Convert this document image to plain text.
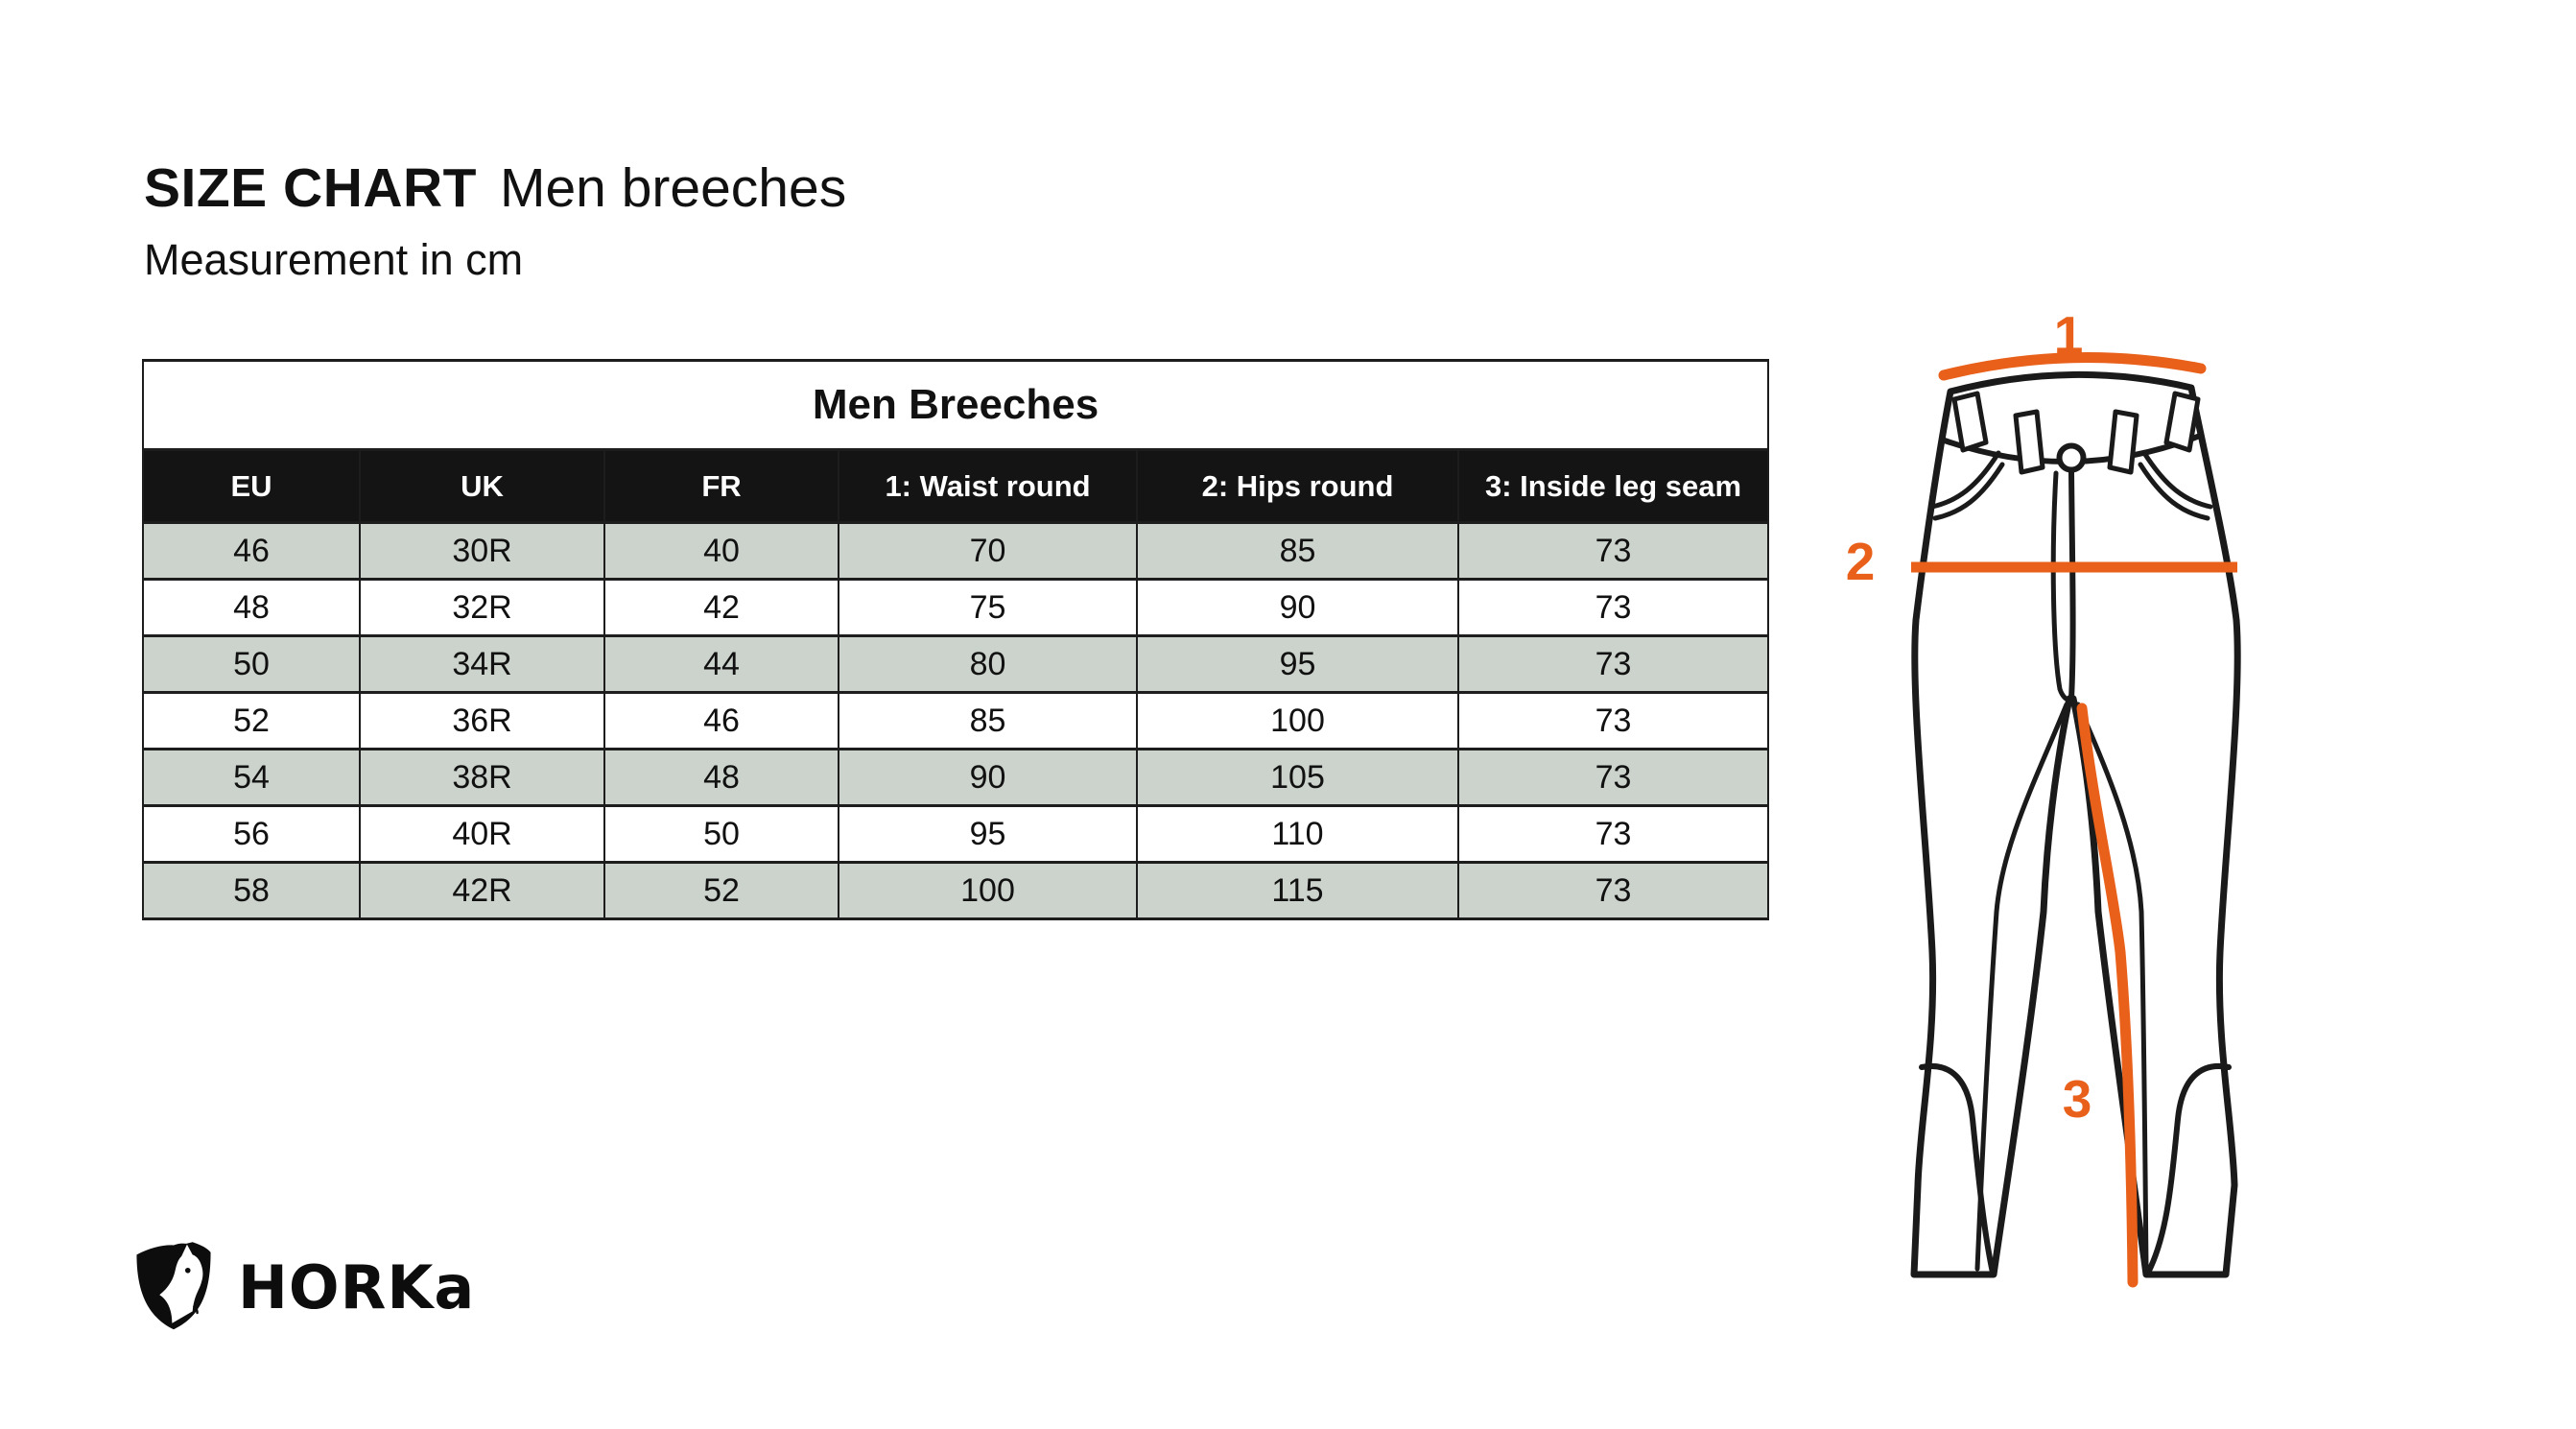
SIZE CHART Men breeches
Measurement in cm
Men Breeches					
EU	UK	FR	1: Waist round	2: Hips round	3: Inside leg seam
46	30R	40	70	85	73
48	32R	42	75	90	73
50	34R	44	80	95	73
52	36R	46	85	100	73
54	38R	48	90	105	73
56	40R	50	95	110	73
58	42R	52	100	115	73
1
2
3
HORKa
